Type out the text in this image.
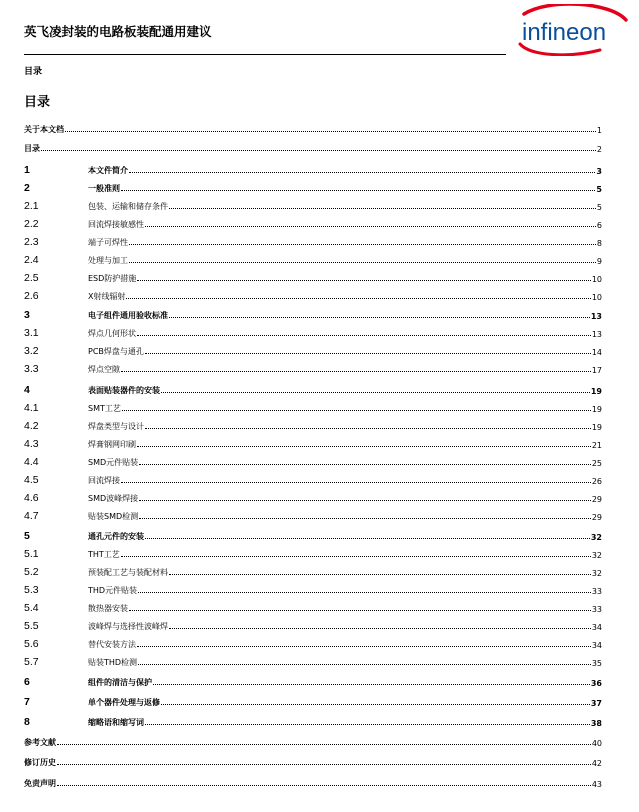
英飞凌封装的电路板装配通用建议	infineon
目录
目录
关于本文档	1
目录	2
1	本文件简介	3
2	一般准则	5
2.1	包装、运输和储存条件	5
2.2	回流焊接敏感性	6
2.3	端子可焊性	8
2.4	处理与加工	9
2.5	ESD防护措施	10
2.6	X射线辐射	10
3	电子组件通用验收标准	13
3.1	焊点几何形状	13
3.2	PCB焊盘与通孔	14
3.3	焊点空隙	17
4	表面贴装器件的安装	19
4.1	SMT工艺	19
4.2	焊盘类型与设计	19
4.3	焊膏钢网印刷	21
4.4	SMD元件贴装	25
4.5	回流焊接	26
4.6	SMD波峰焊接	29
4.7	贴装SMD检测	29
5	通孔元件的安装	32
5.1	THT工艺	32
5.2	预装配工艺与装配材料	32
5.3	THD元件贴装	33
5.4	散热器安装	33
5.5	波峰焊与选择性波峰焊	34
5.6	替代安装方法	34
5.7	贴装THD检测	35
6	组件的清洁与保护	36
7	单个器件处理与返修	37
8	缩略语和缩写词	38
参考文献	40
修订历史	42
免责声明	43
